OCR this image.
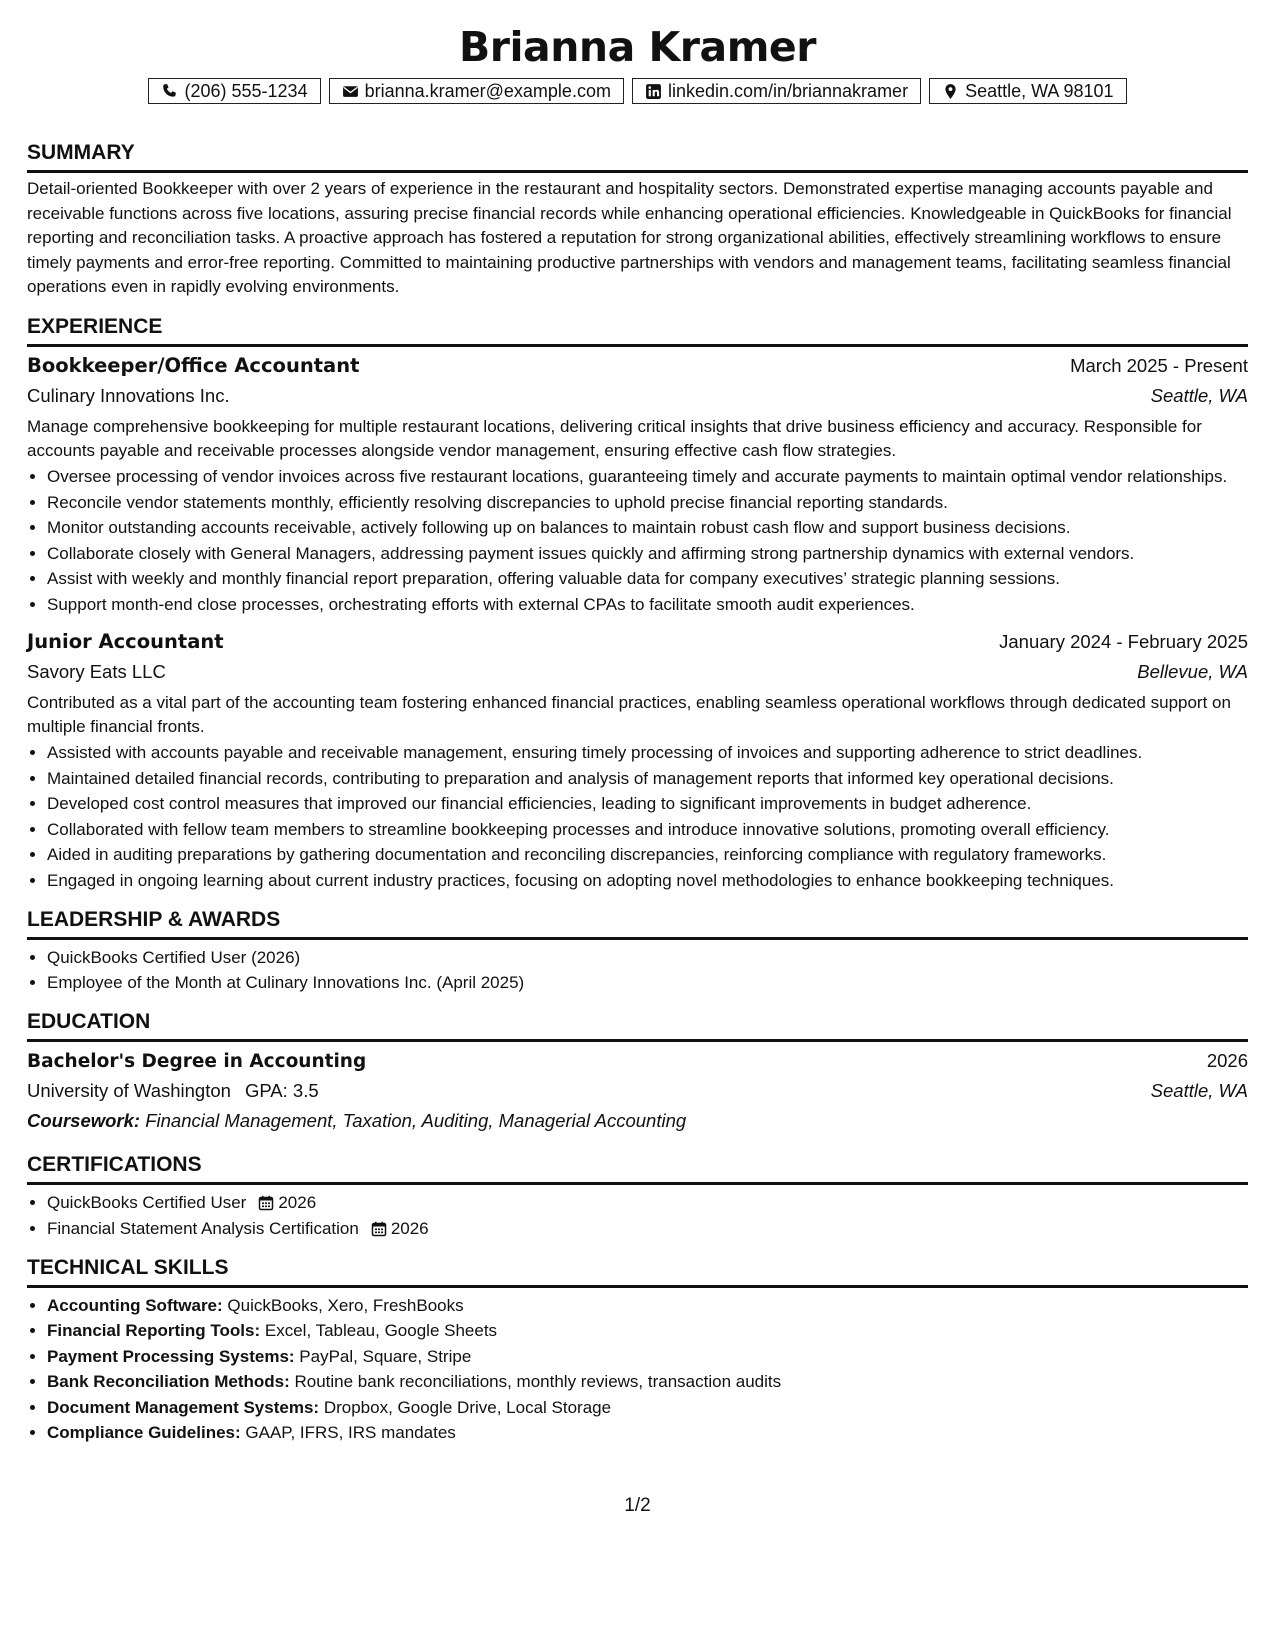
Brianna Kramer
(206) 555-1234	brianna.kramer@example.com	linkedin.com/in/briannakramer	Seattle, WA 98101
SUMMARY

Detail-oriented Bookkeeper with over 2 years of experience in the restaurant and hospitality sectors. Demonstrated expertise managing accounts payable and receivable functions across five locations, assuring precise financial records while enhancing operational efficiencies. Knowledgeable in QuickBooks for financial reporting and reconciliation tasks. A proactive approach has fostered a reputation for strong organizational abilities, effectively streamlining workflows to ensure timely payments and error-free reporting. Committed to maintaining productive partnerships with vendors and management teams, facilitating seamless financial operations even in rapidly evolving environments.

EXPERIENCE
Bookkeeper/Office Accountant	March 2025 - Present
Culinary Innovations Inc.	Seattle, WA

Manage comprehensive bookkeeping for multiple restaurant locations, delivering critical insights that drive business efficiency and accuracy. Responsible for accounts payable and receivable processes alongside vendor management, ensuring effective cash flow strategies.

• Oversee processing of vendor invoices across five restaurant locations, guaranteeing timely and accurate payments to maintain optimal vendor relationships.
• Reconcile vendor statements monthly, efficiently resolving discrepancies to uphold precise financial reporting standards.
• Monitor outstanding accounts receivable, actively following up on balances to maintain robust cash flow and support business decisions.
• Collaborate closely with General Managers, addressing payment issues quickly and affirming strong partnership dynamics with external vendors.
• Assist with weekly and monthly financial report preparation, offering valuable data for company executives’ strategic planning sessions.
• Support month-end close processes, orchestrating efforts with external CPAs to facilitate smooth audit experiences.
Junior Accountant	January 2024 - February 2025
Savory Eats LLC	Bellevue, WA

Contributed as a vital part of the accounting team fostering enhanced financial practices, enabling seamless operational workflows through dedicated support on multiple financial fronts.

• Assisted with accounts payable and receivable management, ensuring timely processing of invoices and supporting adherence to strict deadlines.
• Maintained detailed financial records, contributing to preparation and analysis of management reports that informed key operational decisions.
• Developed cost control measures that improved our financial efficiencies, leading to significant improvements in budget adherence.
• Collaborated with fellow team members to streamline bookkeeping processes and introduce innovative solutions, promoting overall efficiency.
• Aided in auditing preparations by gathering documentation and reconciling discrepancies, reinforcing compliance with regulatory frameworks.
• Engaged in ongoing learning about current industry practices, focusing on adopting novel methodologies to enhance bookkeeping techniques.
LEADERSHIP & AWARDS
• QuickBooks Certified User (2026)
• Employee of the Month at Culinary Innovations Inc. (April 2025)
EDUCATION
Bachelor's Degree in Accounting	2026
University of Washington GPA: 3.5	Seattle, WA
Coursework: Financial Management, Taxation, Auditing, Managerial Accounting
CERTIFICATIONS
• QuickBooks Certified User 2026
• Financial Statement Analysis Certification 2026
TECHNICAL SKILLS
• Accounting Software: QuickBooks, Xero, FreshBooks
• Financial Reporting Tools: Excel, Tableau, Google Sheets
• Payment Processing Systems: PayPal, Square, Stripe
• Bank Reconciliation Methods: Routine bank reconciliations, monthly reviews, transaction audits
• Document Management Systems: Dropbox, Google Drive, Local Storage
• Compliance Guidelines: GAAP, IFRS, IRS mandates
1/2
